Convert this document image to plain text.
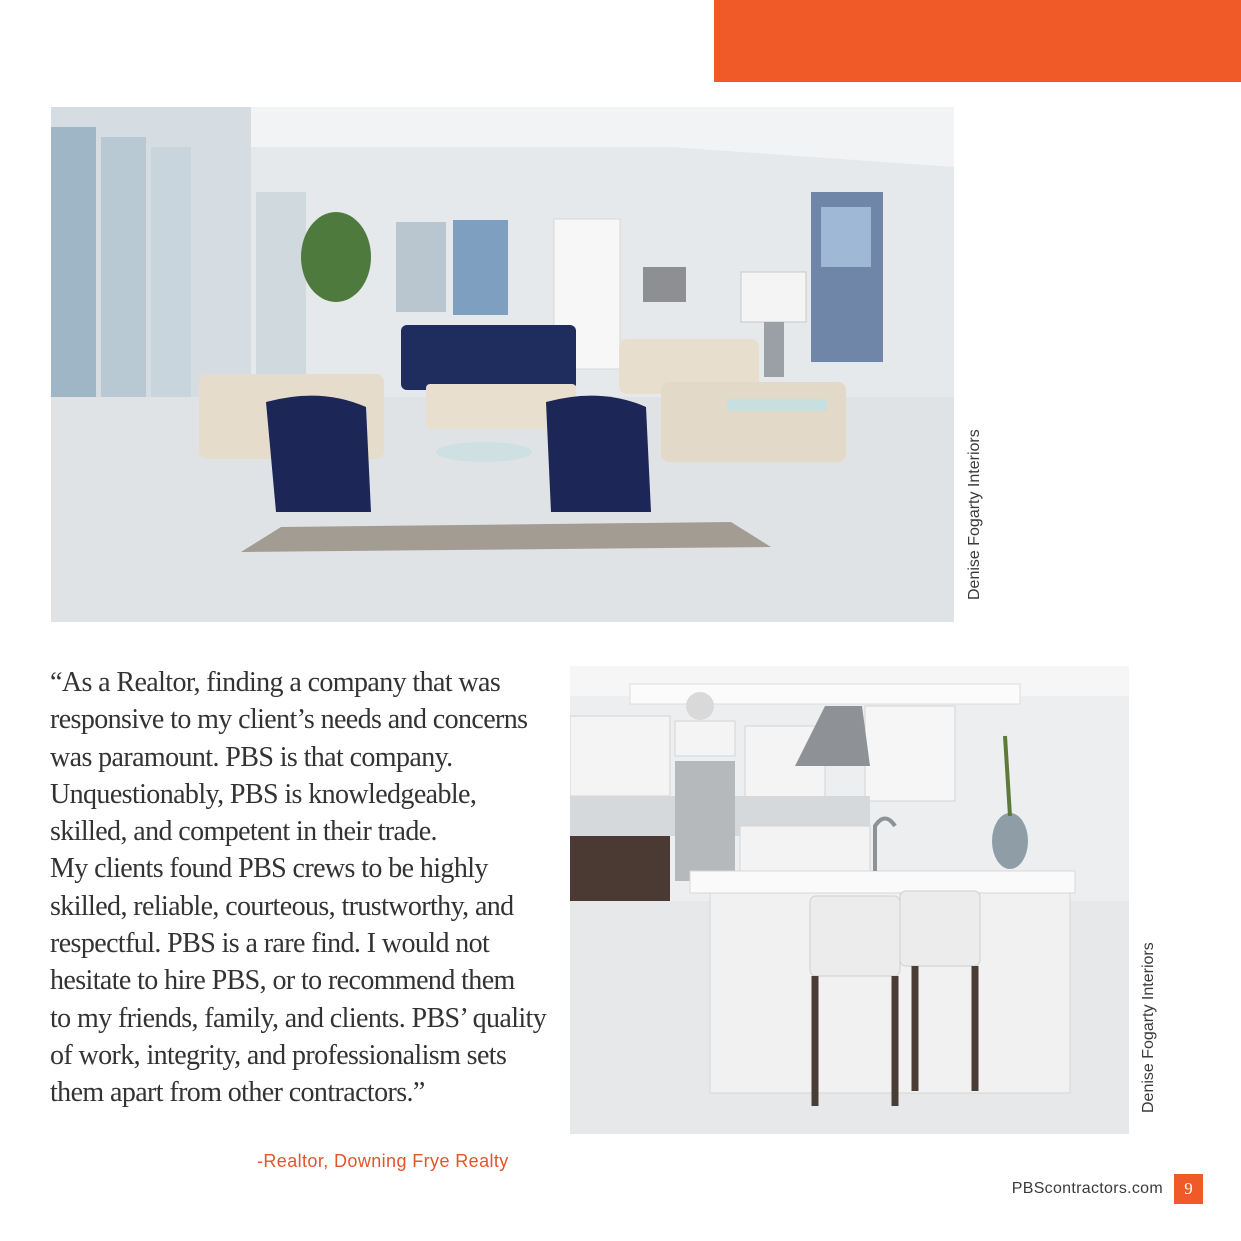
Denise Fogarty Interiors
“As a Realtor, finding a company that was
responsive to my client’s needs and concerns
was paramount. PBS is that company.
Unquestionably, PBS is knowledgeable,
skilled, and competent in their trade.
My clients found PBS crews to be highly
skilled, reliable, courteous, trustworthy, and
respectful. PBS is a rare find. I would not
hesitate to hire PBS, or to recommend them
to my friends, family, and clients. PBS’ quality
of work, integrity, and professionalism sets
them apart from other contractors.”
-Realtor, Downing Frye Realty
Denise Fogarty Interiors
PBScontractors.com	9
